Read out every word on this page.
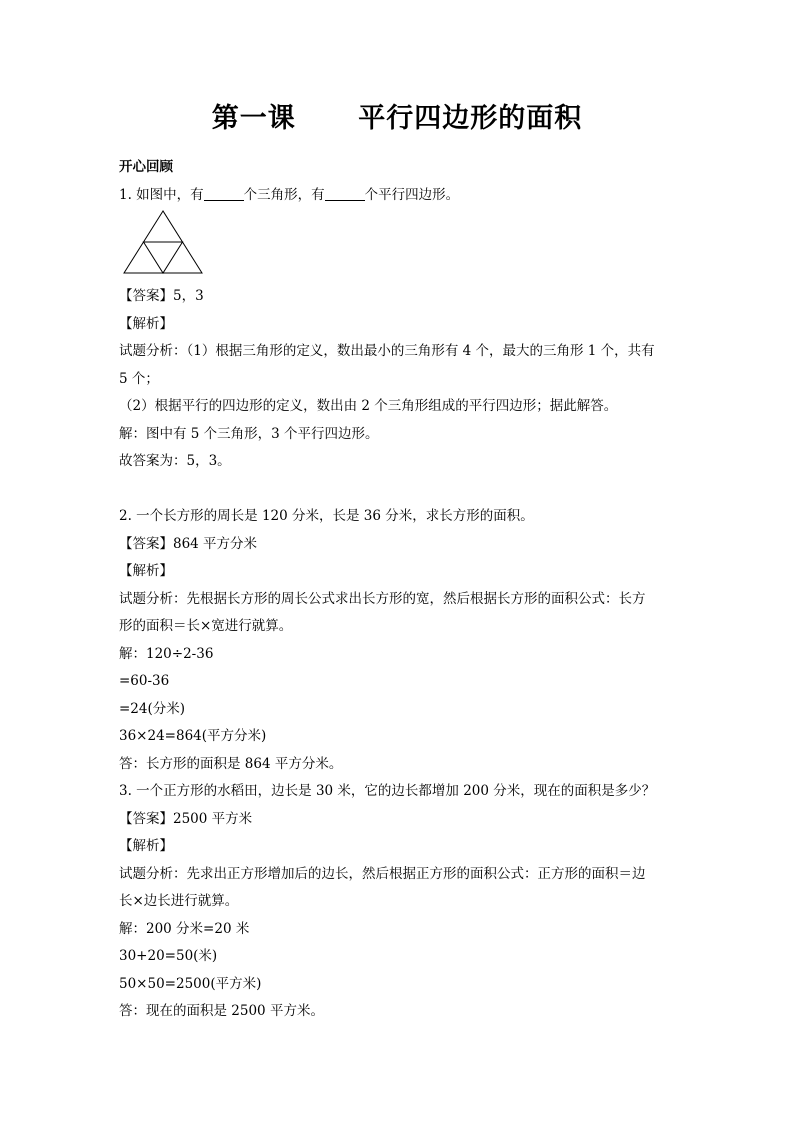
第一课      平行四边形的面积
开心回顾
1. 如图中，有	个三角形，有	个平行四边形。
【答案】5，3
【解析】
试题分析：（1）根据三角形的定义，数出最小的三角形有 4 个，最大的三角形 1 个，共有
5 个；
（2）根据平行的四边形的定义，数出由 2 个三角形组成的平行四边形；据此解答。
解：图中有 5 个三角形，3 个平行四边形。
故答案为：5，3。
2. 一个长方形的周长是 120 分米，长是 36 分米，求长方形的面积。
【答案】864 平方分米
【解析】
试题分析：先根据长方形的周长公式求出长方形的宽，然后根据长方形的面积公式：长方
形的面积＝长×宽进行就算。
解：120÷2-36
=60-36
=24(分米)
36×24=864(平方分米)
答：长方形的面积是 864 平方分米。
3. 一个正方形的水稻田，边长是 30 米，它的边长都增加 200 分米，现在的面积是多少？
【答案】2500 平方米
【解析】
试题分析：先求出正方形增加后的边长，然后根据正方形的面积公式：正方形的面积＝边
长×边长进行就算。
解：200 分米=20 米
30+20=50(米)
50×50=2500(平方米)
答：现在的面积是 2500 平方米。
